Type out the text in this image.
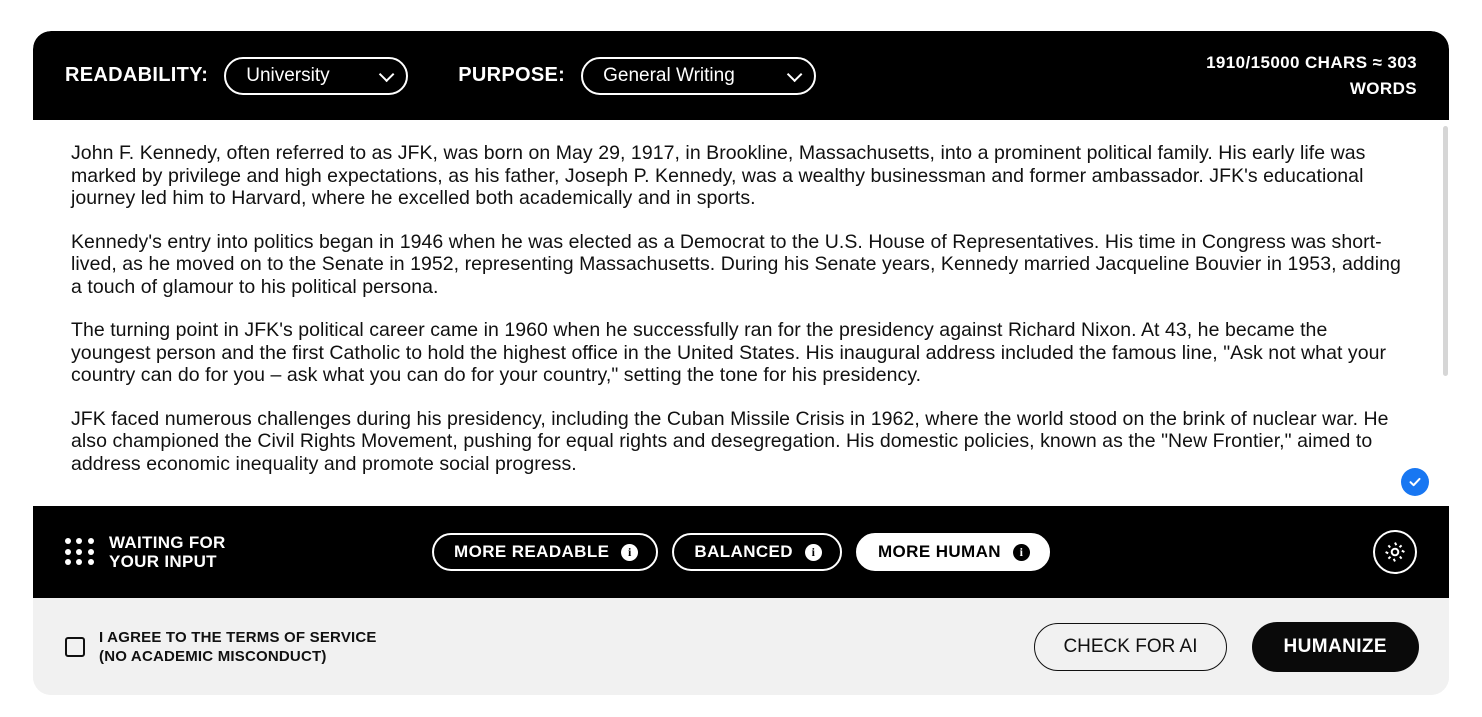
READABILITY: University	PURPOSE: General Writing
1910/15000 CHARS ≈ 303 WORDS

John F. Kennedy, often referred to as JFK, was born on May 29, 1917, in Brookline, Massachusetts, into a prominent political family. His early life was marked by privilege and high expectations, as his father, Joseph P. Kennedy, was a wealthy businessman and former ambassador. JFK's educational journey led him to Harvard, where he excelled both academically and in sports.

Kennedy's entry into politics began in 1946 when he was elected as a Democrat to the U.S. House of Representatives. His time in Congress was short-lived, as he moved on to the Senate in 1952, representing Massachusetts. During his Senate years, Kennedy married Jacqueline Bouvier in 1953, adding a touch of glamour to his political persona.

The turning point in JFK's political career came in 1960 when he successfully ran for the presidency against Richard Nixon. At 43, he became the youngest person and the first Catholic to hold the highest office in the United States. His inaugural address included the famous line, "Ask not what your country can do for you – ask what you can do for your country," setting the tone for his presidency.

JFK faced numerous challenges during his presidency, including the Cuban Missile Crisis in 1962, where the world stood on the brink of nuclear war. He also championed the Civil Rights Movement, pushing for equal rights and desegregation. His domestic policies, known as the "New Frontier," aimed to address economic inequality and promote social progress.

WAITING FOR
YOUR INPUT
MORE READABLE	i	BALANCED	i	MORE HUMAN	i
I AGREE TO THE TERMS OF SERVICE
(NO ACADEMIC MISCONDUCT)	CHECK FOR AI	HUMANIZE
